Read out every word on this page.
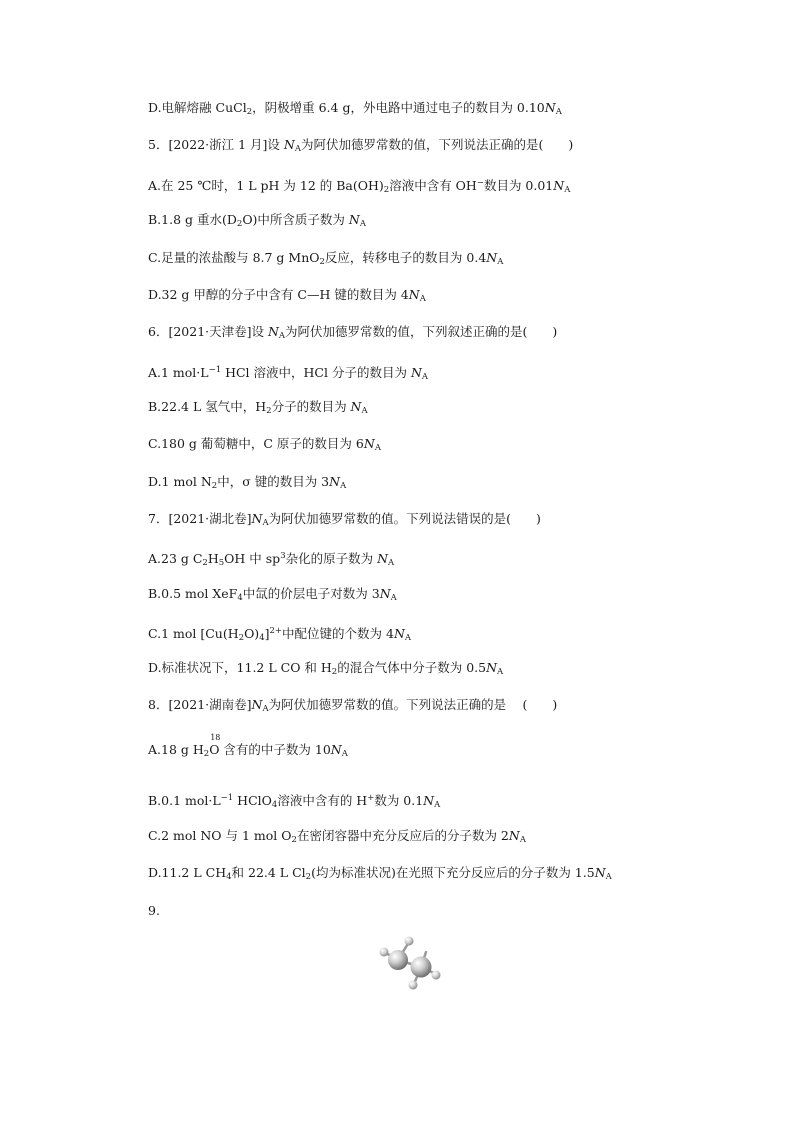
D.电解熔融 CuCl$_2$，阴极增重 6.4 g，外电路中通过电子的数目为 $0.10N_A$
5．[2022·浙江 1 月]设 $N_A$为阿伏加德罗常数的值，下列说法正确的是(　　)
A.在 25 ℃时，1 L pH 为 12 的 $Ba(OH)_2$溶液中含有 OH−数目为 $0.01N_A$
B.1.8 g 重水$(D_2O)$中所含质子数为 $N_A$
C.足量的浓盐酸与 8.7 g MnO$_2$反应，转移电子的数目为 $0.4N_A$
D.32 g 甲醇的分子中含有 C—H 键的数目为 $4N_A$
6．[2021·天津卷]设 $N_A$为阿伏加德罗常数的值，下列叙述正确的是(　　)
A.1 $mol\cdot L^{-1}$ HCl 溶液中，HCl 分子的数目为 $N_A$
B.22.4 L 氢气中，$H_2$分子的数目为 $N_A$
C.180 g 葡萄糖中，C 原子的数目为 $6N_A$
D.1 mol $N_2$中，σ 键的数目为 $3N_A$
7．[2021·湖北卷]$N_A$为阿伏加德罗常数的值。下列说法错误的是(　　)
A.23 g $C_2H_5OH$ 中 $sp^3$杂化的原子数为 $N_A$
B.0.5 mol XeF$_4$中氙的价层电子对数为 $3N_A$
C.1 mol $[Cu(H_2O)_4]^{2+}$中配位键的个数为 $4N_A$
D.标准状况下，11.2 L CO 和 $H_2$的混合气体中分子数为 $0.5N_A$
8．[2021·湖南卷]$N_A$为阿伏加德罗常数的值。下列说法正确的是　 (　　)
A.18 g $H_2$
18
O 含有的中子数为 $10N_A$
B.0.1 $mol\cdot L^{-1}$ HClO$_4$溶液中含有的 H+数为 $0.1N_A$
C.2 mol NO 与 1 mol $O_2$在密闭容器中充分反应后的分子数为 $2N_A$
D.11.2 L $CH_4$和 22.4 L $Cl_2$(均为标准状况)在光照下充分反应后的分子数为 $1.5N_A$
9.
